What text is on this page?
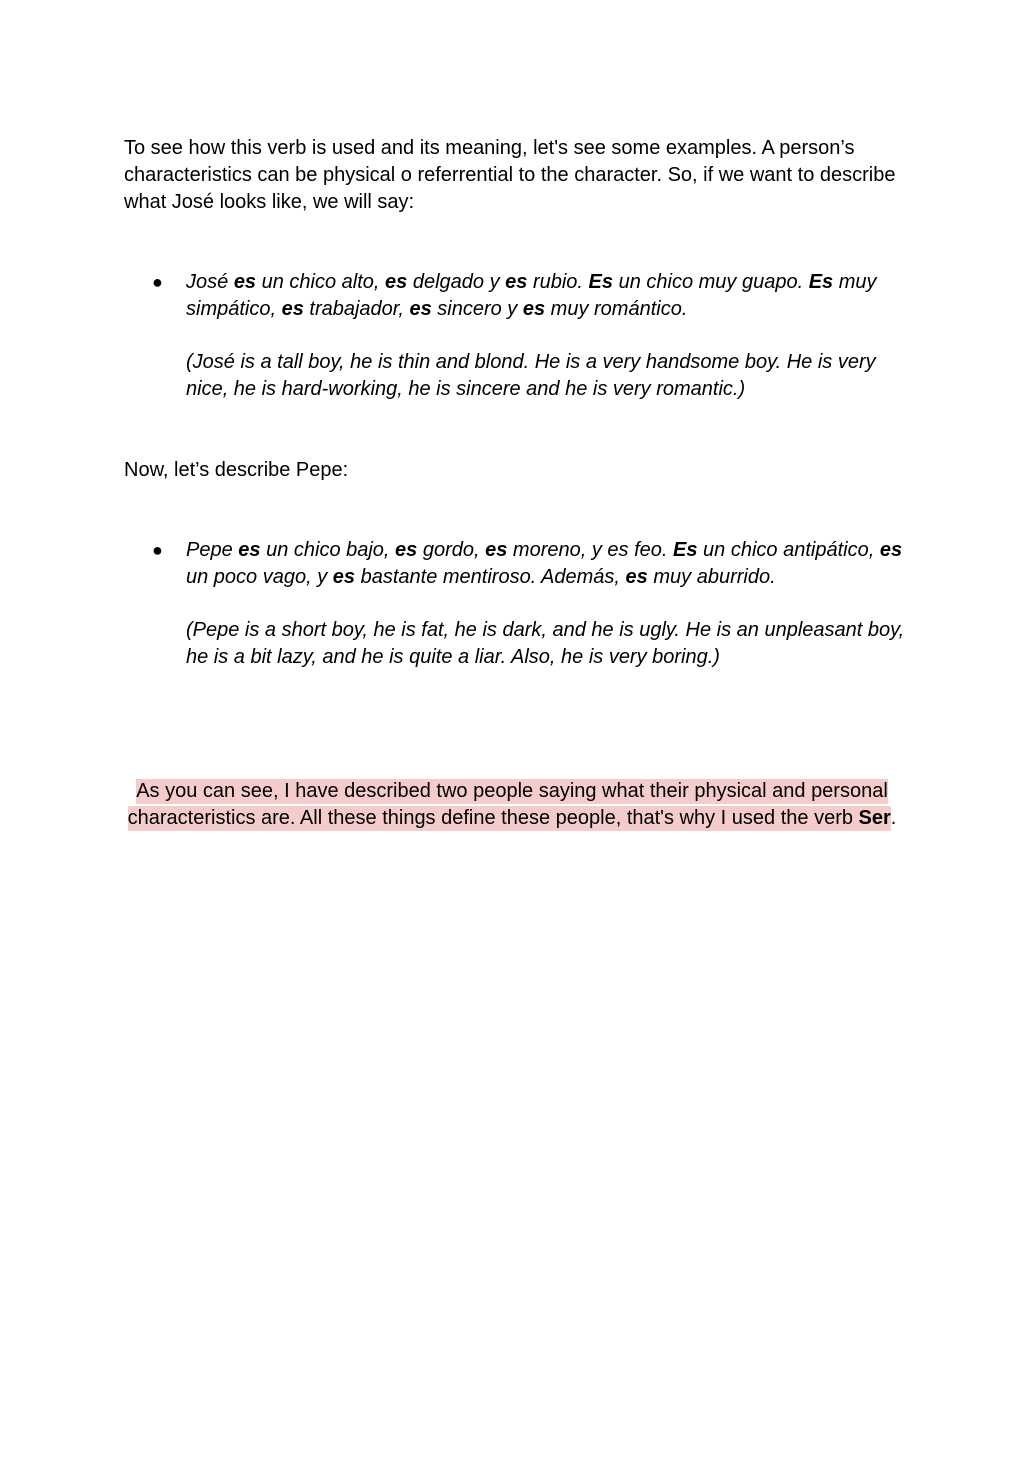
To see how this verb is used and its meaning, let's see some examples. A person’s characteristics can be physical o referrential to the character. So, if we want to describe what José looks like, we will say:

● José es un chico alto, es delgado y es rubio. Es un chico muy guapo. Es muy simpático, es trabajador, es sincero y es muy romántico.

(José is a tall boy, he is thin and blond. He is a very handsome boy. He is very nice, he is hard-working, he is sincere and he is very romantic.)

Now, let’s describe Pepe:

● Pepe es un chico bajo, es gordo, es moreno, y es feo. Es un chico antipático, es un poco vago, y es bastante mentiroso. Además, es muy aburrido.

(Pepe is a short boy, he is fat, he is dark, and he is ugly. He is an unpleasant boy, he is a bit lazy, and he is quite a liar. Also, he is very boring.)

As you can see, I have described two people saying what their physical and personal characteristics are. All these things define these people, that's why I used the verb Ser.
